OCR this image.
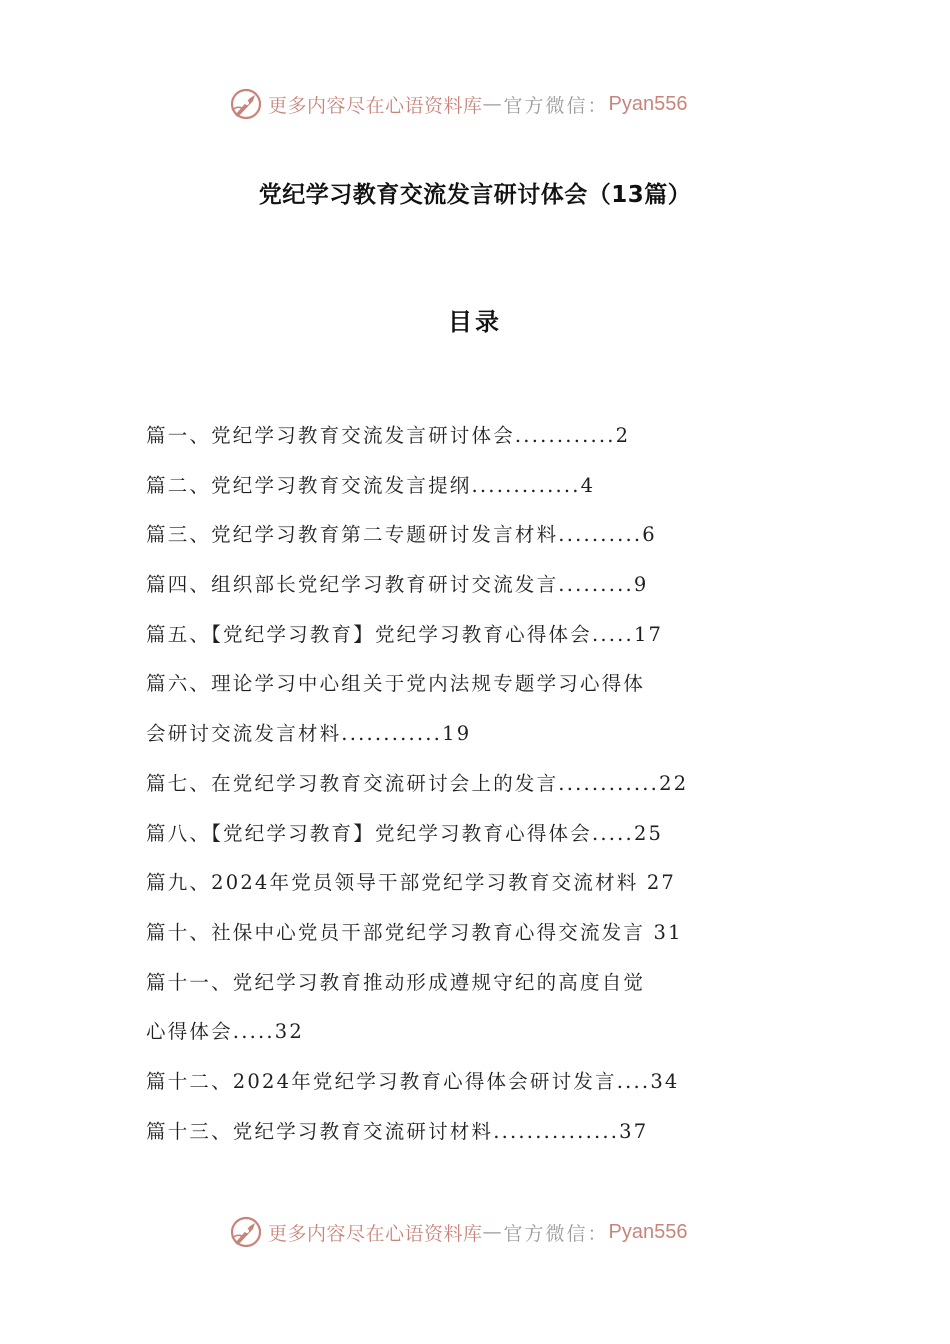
更多内容尽在心语资料库 — 官方微信： Pyan556
党纪学习教育交流发言研讨体会（13篇）
目录
篇一、党纪学习教育交流发言研讨体会............2
篇二、党纪学习教育交流发言提纲.............4
篇三、党纪学习教育第二专题研讨发言材料..........6
篇四、组织部长党纪学习教育研讨交流发言.........9
篇五、【党纪学习教育】党纪学习教育心得体会.....17
篇六、理论学习中心组关于党内法规专题学习心得体
会研讨交流发言材料............19
篇七、在党纪学习教育交流研讨会上的发言............22
篇八、【党纪学习教育】党纪学习教育心得体会.....25
篇九、2024年党员领导干部党纪学习教育交流材料 27
篇十、社保中心党员干部党纪学习教育心得交流发言 31
篇十一、党纪学习教育推动形成遵规守纪的高度自觉
心得体会.....32
篇十二、2024年党纪学习教育心得体会研讨发言....34
篇十三、党纪学习教育交流研讨材料...............37
更多内容尽在心语资料库 — 官方微信： Pyan556
